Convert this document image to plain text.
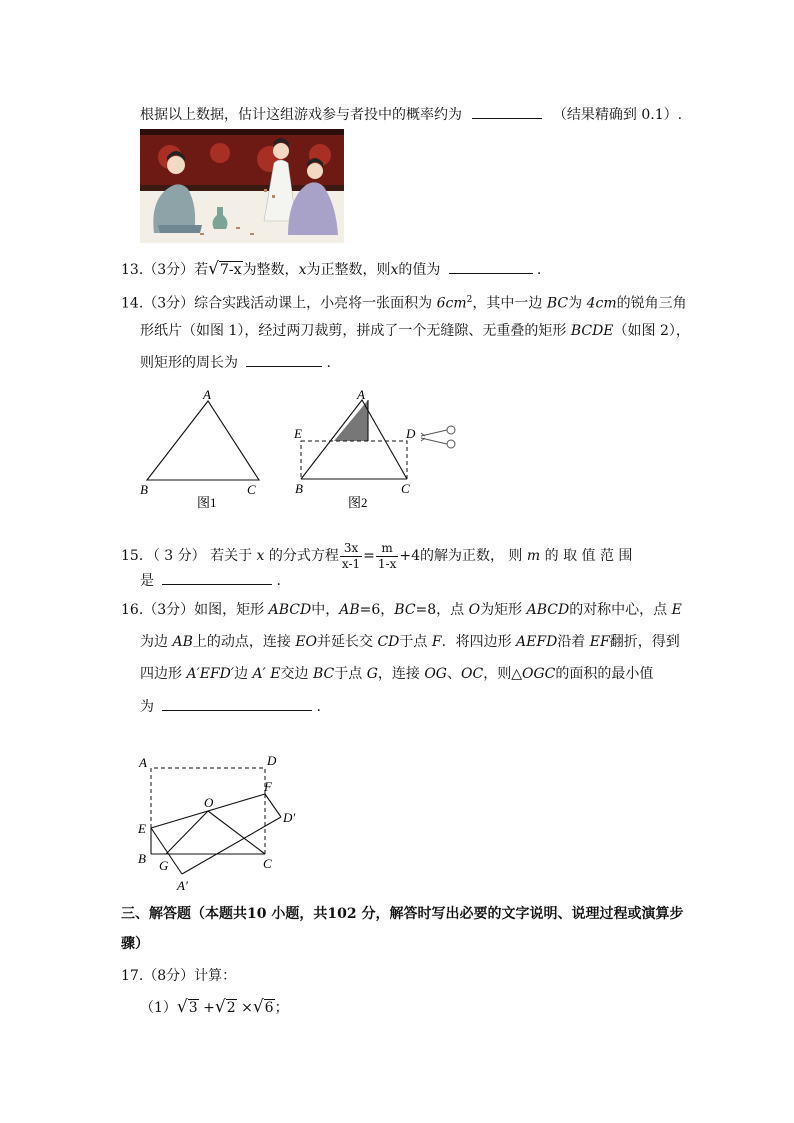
根据以上数据，估计这组游戏参与者投中的概率约为	（结果精确到 0.1）.
13.（3分）若√7-x为整数，x为正整数，则x的值为	.
14.（3分）综合实践活动课上，小亮将一张面积为 $6cm^2$，其中一边 BC为 4cm的锐角三角
形纸片（如图 1），经过两刀裁剪，拼成了一个无缝隙、无重叠的矩形 BCDE（如图 2），
则矩形的周长为	.
A
B	C
图1
A
E	D
B	C
图2
15．（ 3 分） 若关于 x 的分式方程 $\frac{3x}{x-1} = \frac{m}{1-x} +4$的解为正数， 则 m 的 取 值 范 围
是	.
16.（3分）如图，矩形 ABCD中，AB=6，BC=8，点 O为矩形 ABCD的对称中心，点 E
为边 AB上的动点，连接 EO并延长交 CD于点 F．将四边形 AEFD沿着 EF翻折，得到
四边形 A′EFD′边 A′ E交边 BC于点 G，连接 OG、OC，则△OGC的面积的最小值
为	.
A	D
O
F
D′
E
B G	C
A′
三、解答题（本题共10 小题，共102 分，解答时写出必要的文字说明、说理过程或演算步
骤）
17.（8分）计算：
（1）√3 +√2 ×√6；
